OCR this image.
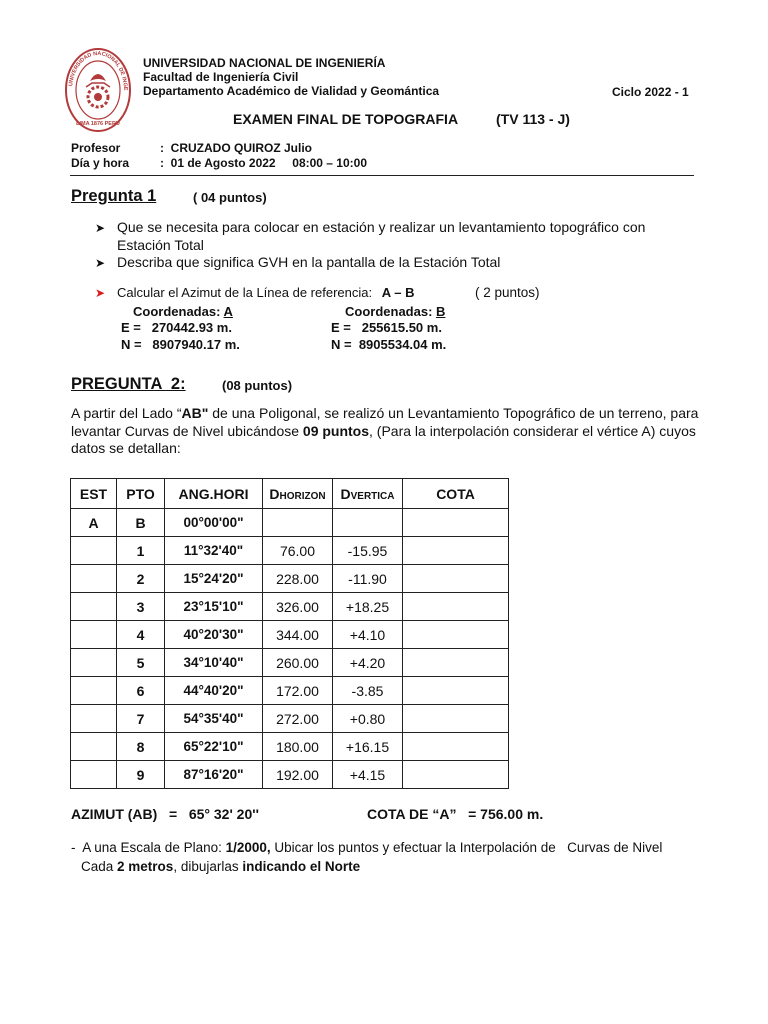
UNIVERSIDAD NACIONAL DE INGE
LIMA 1876 PERU
UNIVERSIDAD NACIONAL DE INGENIERÍA
Facultad de Ingeniería Civil
Departamento Académico de Vialidad y Geomántica	Ciclo 2022 - 1
EXAMEN FINAL DE TOPOGRAFIA	(TV 113 - J)
Profesor	:  CRUZADO QUIROZ Julio
Día y hora	:  01 de Agosto 2022     08:00 – 10:00
Pregunta 1	( 04 puntos)
➤ Que se necesita para colocar en estación y realizar un levantamiento topográfico con
Estación Total
➤ Describa que significa GVH en la pantalla de la Estación Total
➤ Calcular el Azimut de la Línea de referencia: A – B	( 2 puntos)
Coordenadas: A
E =   270442.93 m.
N =   8907940.17 m.
Coordenadas: B
E =   255615.50 m.
N =  8905534.04 m.
PREGUNTA  2:	(08 puntos)
A partir del Lado “AB" de una Poligonal, se realizó un Levantamiento Topográfico de un terreno, para
levantar Curvas de Nivel ubicándose 09 puntos, (Para la interpolación considerar el vértice A) cuyos
datos se detallan:
EST	PTO	ANG.HORI	DHORIZON	DVERTICA	COTA
A	B	00°00'00"			
	1	11°32'40"	76.00	-15.95	
	2	15°24'20"	228.00	-11.90	
	3	23°15'10"	326.00	+18.25	
	4	40°20'30"	344.00	+4.10	
	5	34°10'40"	260.00	+4.20	
	6	44°40'20"	172.00	-3.85	
	7	54°35'40"	272.00	+0.80	
	8	65°22'10"	180.00	+16.15	
	9	87°16'20"	192.00	+4.15	
AZIMUT (AB)   =   65° 32' 20''	COTA DE “A”   = 756.00 m.
-  A una Escala de Plano: 1/2000, Ubicar los puntos y efectuar la Interpolación de   Curvas de Nivel
Cada 2 metros, dibujarlas indicando el Norte
